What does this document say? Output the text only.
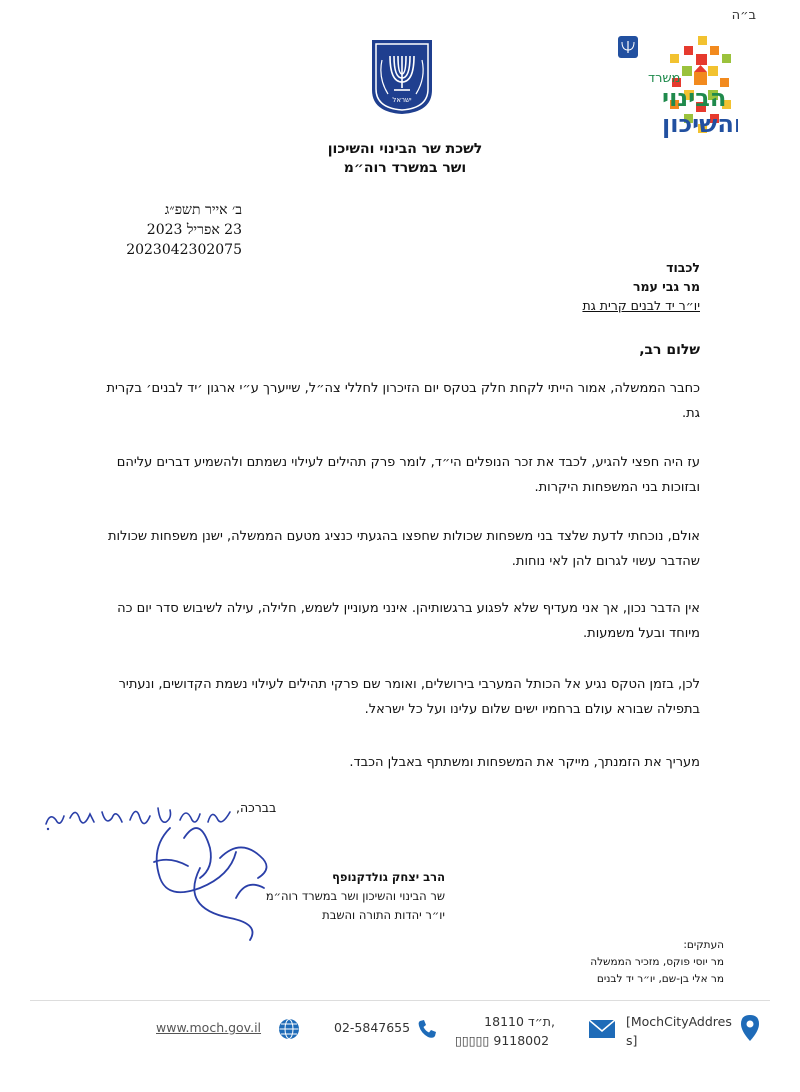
ב״ה
ישראל
משרד
הבינוי
והשיכון
לשכת שר הבינוי והשיכון
ושר במשרד רוה״מ
ב׳ אייר תשפ״ג
23 אפריל 2023
2023042302075
לכבוד
מר גבי עמר
יו״ר יד לבנים קרית גת
שלום רב,
כחבר הממשלה, אמור הייתי לקחת חלק בטקס יום הזיכרון לחללי צה״ל, שייערך ע״י ארגון ׳יד לבנים׳ בקרית גת.
עז היה חפצי להגיע, לכבד את זכר הנופלים הי״ד, לומר פרק תהילים לעילוי נשמתם ולהשמיע דברים עליהם ובזוכות בני המשפחות היקרות.
אולם, נוכחתי לדעת שלצד בני משפחות שכולות שחפצו בהגעתי כנציג מטעם הממשלה, ישנן משפחות שכולות שהדבר עשוי לגרום להן לאי נוחות.
אין הדבר נכון, אך אני מעדיף שלא לפגוע ברגשותיהן. אינני מעוניין לשמש, חלילה, עילה לשיבוש סדר יום כה מיוחד ובעל משמעות.
לכן, בזמן הטקס נגיע אל הכותל המערבי בירושלים, ואומר שם פרקי תהילים לעילוי נשמת הקדושים, ונעתיר בתפילה שבורא עולם ברחמיו ישים שלום עלינו ועל כל ישראל.
מעריך את הזמנתך, מייקר את המשפחות ומשתתף באבלן הכבד.
בברכה,
הרב יצחק גולדקנופף
שר הבינוי והשיכון ושר במשרד רוה״מ
יו״ר יהדות התורה והשבת
העתקים:
מר יוסי פוקס, מזכיר הממשלה
מר אלי בן-שם, יו״ר יד לבנים
www.moch.gov.il	02-5847655	ת״ד 18110,
▯▯▯▯▯ 9118002
[MochCityAddress]
